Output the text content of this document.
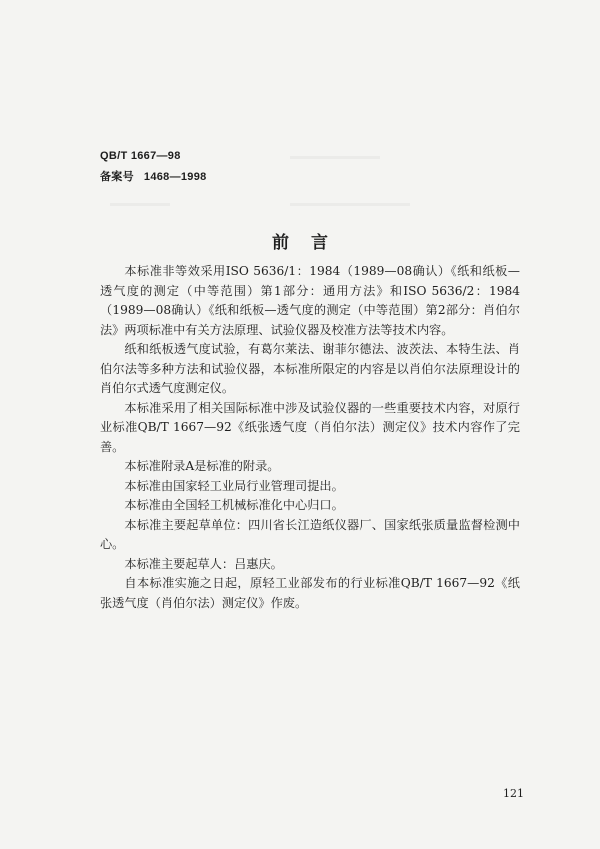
QB/T 1667—98
备案号 1468—1998
前言

本标准非等效采用ISO 5636/1：1984（1989—08确认）《纸和纸板—透气度的测定（中等范围）第1部分：通用方法》和ISO 5636/2：1984（1989—08确认）《纸和纸板—透气度的测定（中等范围）第2部分：肖伯尔法》两项标准中有关方法原理、试验仪器及校准方法等技术内容。

纸和纸板透气度试验，有葛尔莱法、谢菲尔德法、波茨法、本特生法、肖伯尔法等多种方法和试验仪器，本标准所限定的内容是以肖伯尔法原理设计的肖伯尔式透气度测定仪。

本标准采用了相关国际标准中涉及试验仪器的一些重要技术内容，对原行业标准QB/T 1667—92《纸张透气度（肖伯尔法）测定仪》技术内容作了完善。

本标准附录A是标准的附录。

本标准由国家轻工业局行业管理司提出。

本标准由全国轻工机械标准化中心归口。

本标准主要起草单位：四川省长江造纸仪器厂、国家纸张质量监督检测中心。

本标准主要起草人：吕惠庆。

自本标准实施之日起，原轻工业部发布的行业标准QB/T 1667—92《纸张透气度（肖伯尔法）测定仪》作废。

121
